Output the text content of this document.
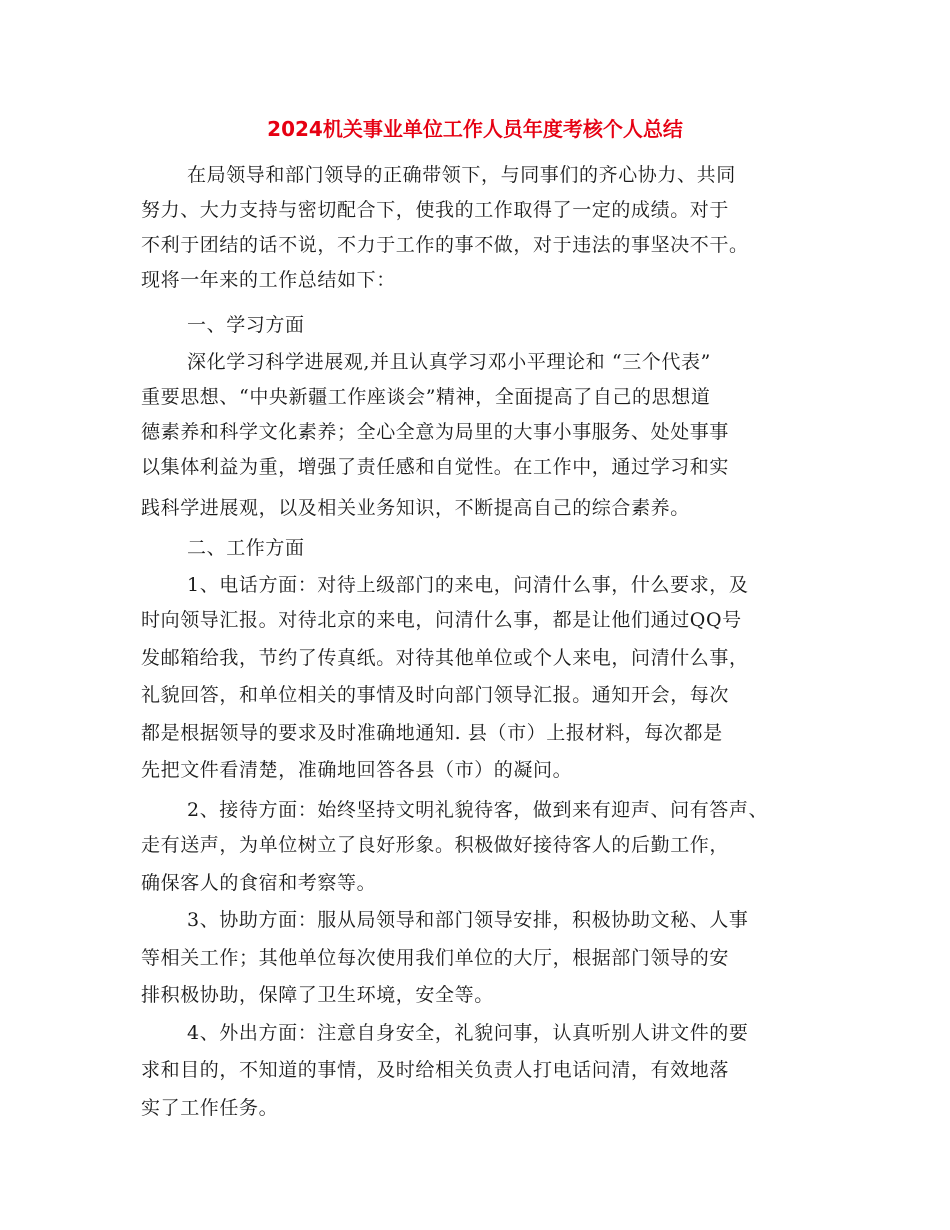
2024机关事业单位工作人员年度考核个人总结
在局领导和部门领导的正确带领下，与同事们的齐心协力、共同
努力、大力支持与密切配合下，使我的工作取得了一定的成绩。对于
不利于团结的话不说，不力于工作的事不做，对于违法的事坚决不干。
现将一年来的工作总结如下：
一、学习方面
深化学习科学进展观,并且认真学习邓小平理论和 “三个代表”
重要思想、“中央新疆工作座谈会”精神，全面提高了自己的思想道
德素养和科学文化素养；全心全意为局里的大事小事服务、处处事事
以集体利益为重，增强了责任感和自觉性。在工作中，通过学习和实
践科学进展观，以及相关业务知识，不断提高自己的综合素养。
二、工作方面
1、电话方面：对待上级部门的来电，问清什么事，什么要求，及
时向领导汇报。对待北京的来电，问清什么事，都是让他们通过QQ号
发邮箱给我，节约了传真纸。对待其他单位或个人来电，问清什么事，
礼貌回答，和单位相关的事情及时向部门领导汇报。通知开会，每次
都是根据领导的要求及时准确地通知. 县（市）上报材料，每次都是
先把文件看清楚，准确地回答各县（市）的凝问。
2、接待方面：始终坚持文明礼貌待客，做到来有迎声、问有答声、
走有送声，为单位树立了良好形象。积极做好接待客人的后勤工作，
确保客人的食宿和考察等。
3、协助方面：服从局领导和部门领导安排，积极协助文秘、人事
等相关工作；其他单位每次使用我们单位的大厅，根据部门领导的安
排积极协助，保障了卫生环境，安全等。
4、外出方面：注意自身安全，礼貌问事，认真听别人讲文件的要
求和目的，不知道的事情，及时给相关负责人打电话问清，有效地落
实了工作任务。
